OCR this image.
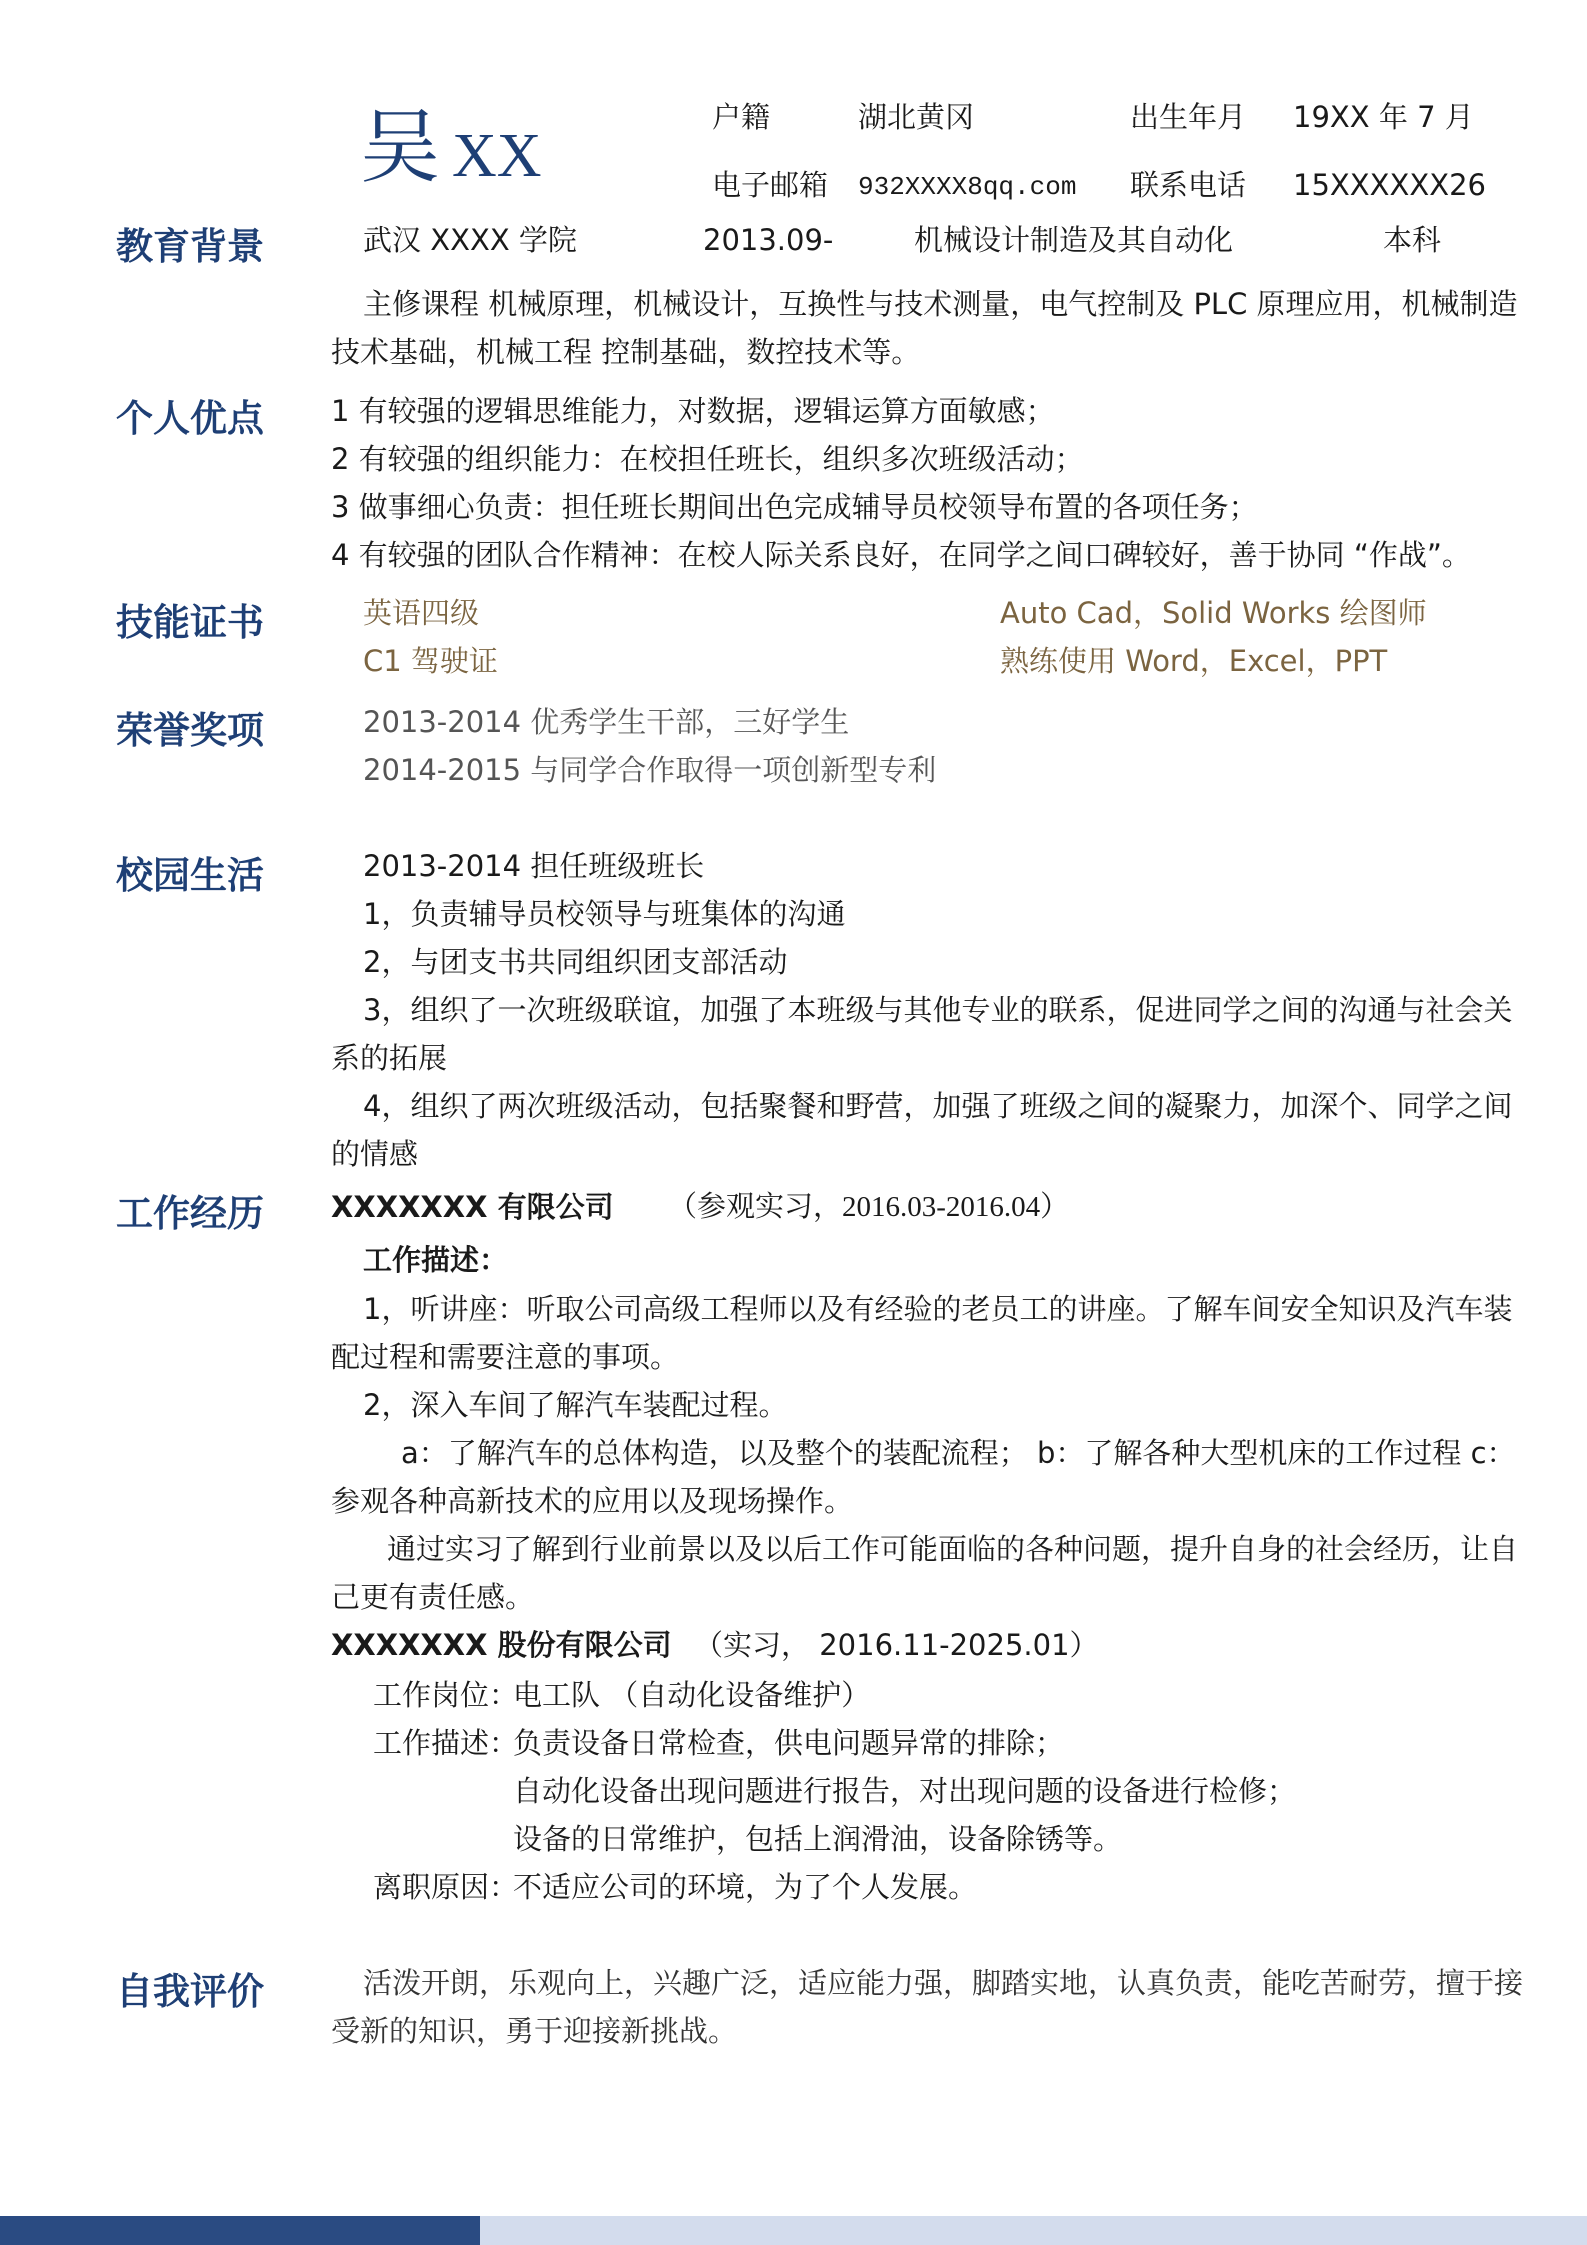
吴 XX
户籍	湖北黄冈	出生年月 19XX 年 7 月
电子邮箱 932XXXX8qq.com 联系电话 15XXXXXX26
教育背景	武汉 XXXX 学院	2013.09-	机械设计制造及其自动化	本科
主修课程 机械原理，机械设计，互换性与技术测量，电气控制及 PLC 原理应用，机械制造技术基础，机械工程 控制基础，数控技术等。
个人优点 1 有较强的逻辑思维能力，对数据，逻辑运算方面敏感；
2 有较强的组织能力：在校担任班长，组织多次班级活动；
3 做事细心负责：担任班长期间出色完成辅导员校领导布置的各项任务；
4 有较强的团队合作精神：在校人际关系良好，在同学之间口碑较好，善于协同 “作战”。
技能证书	英语四级	Auto Cad，Solid Works 绘图师
C1 驾驶证	熟练使用 Word，Excel，PPT
荣誉奖项	2013-2014 优秀学生干部，三好学生
2014-2015 与同学合作取得一项创新型专利
校园生活	2013-2014 担任班级班长
1，负责辅导员校领导与班集体的沟通
2，与团支书共同组织团支部活动
3，组织了一次班级联谊，加强了本班级与其他专业的联系，促进同学之间的沟通与社会关系的拓展
4，组织了两次班级活动，包括聚餐和野营，加强了班级之间的凝聚力，加深个、同学之间的情感
工作经历 XXXXXXX 有限公司 （参观实习，2016.03-2016.04）
工作描述：
1，听讲座：听取公司高级工程师以及有经验的老员工的讲座。了解车间安全知识及汽车装配过程和需要注意的事项。
2，深入车间了解汽车装配过程。
a：了解汽车的总体构造，以及整个的装配流程； b：了解各种大型机床的工作过程 c：参观各种高新技术的应用以及现场操作。
通过实习了解到行业前景以及以后工作可能面临的各种问题，提升自身的社会经历，让自己更有责任感。
XXXXXXX 股份有限公司 （实习， 2016.11-2025.01）
工作岗位：
电工队 （自动化设备维护）
工作描述：
负责设备日常检查，供电问题异常的排除；
自动化设备出现问题进行报告，对出现问题的设备进行检修；
设备的日常维护，包括上润滑油，设备除锈等。
离职原因：
不适应公司的环境，为了个人发展。
自我评价	活泼开朗，乐观向上，兴趣广泛，适应能力强，脚踏实地，认真负责，能吃苦耐劳，擅于接受新的知识，勇于迎接新挑战。
